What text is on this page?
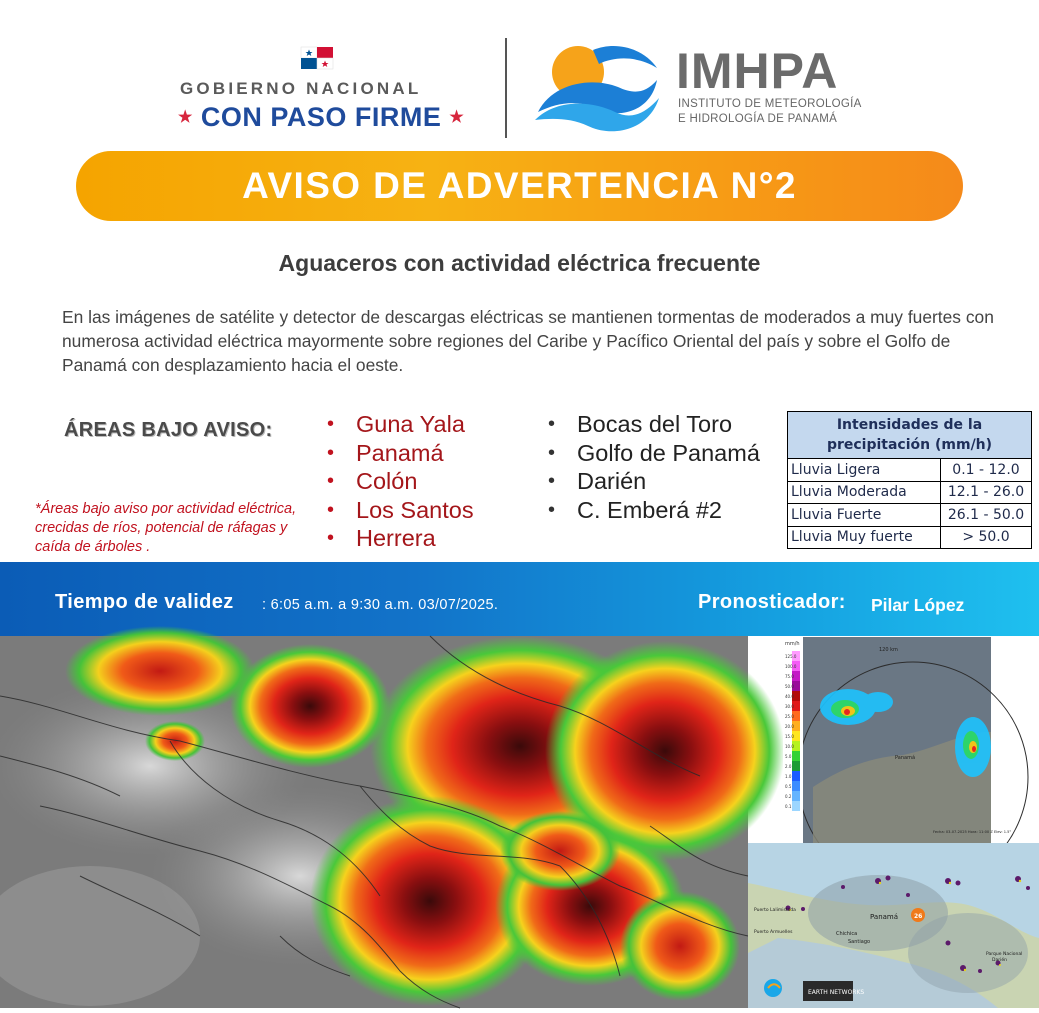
GOBIERNO NACIONAL
★ CON PASO FIRME ★
IMHPA
INSTITUTO DE METEOROLOGÍA
E HIDROLOGÍA DE PANAMÁ
AVISO DE ADVERTENCIA N°2
Aguaceros con actividad eléctrica frecuente

En las imágenes de satélite y detector de descargas eléctricas se mantienen tormentas de moderados a muy fuertes con numerosa actividad eléctrica mayormente sobre regiones del Caribe y Pacífico Oriental del país y sobre el Golfo de Panamá con desplazamiento hacia el oeste.

ÁREAS BAJO AVISO:
*Áreas bajo aviso por actividad eléctrica, crecidas de ríos, potencial de ráfagas y caída de árboles .
• Guna Yala
• Panamá
• Colón
• Los Santos
• Herrera
• Bocas del Toro
• Golfo de Panamá
• Darién
• C. Emberá #2
Intensidades de la precipitación (mm/h)	
Lluvia Ligera	0.1 - 12.0
Lluvia Moderada	12.1 - 26.0
Lluvia Fuerte	26.1 - 50.0
Lluvia Muy fuerte	> 50.0
Tiempo de validez : 6:05 a.m. a 9:30 a.m. 03/07/2025.	Pronosticador: Pilar López
mm/h
125.0
100.0
75.0
50.0
40.0
30.0
25.0
20.0
15.0
10.0
5.0
2.0
1.0
0.5
0.2
0.1
120 km
Panamá
Fecha: 03-07-2025 Hora: 11:00 Z Elev: 1.5°
26
Panamá
Chichica
Santiago
Puerto Armuelles
Puerto Lalimistada
Parque Nacional
Darién
EARTH NETWORKS
